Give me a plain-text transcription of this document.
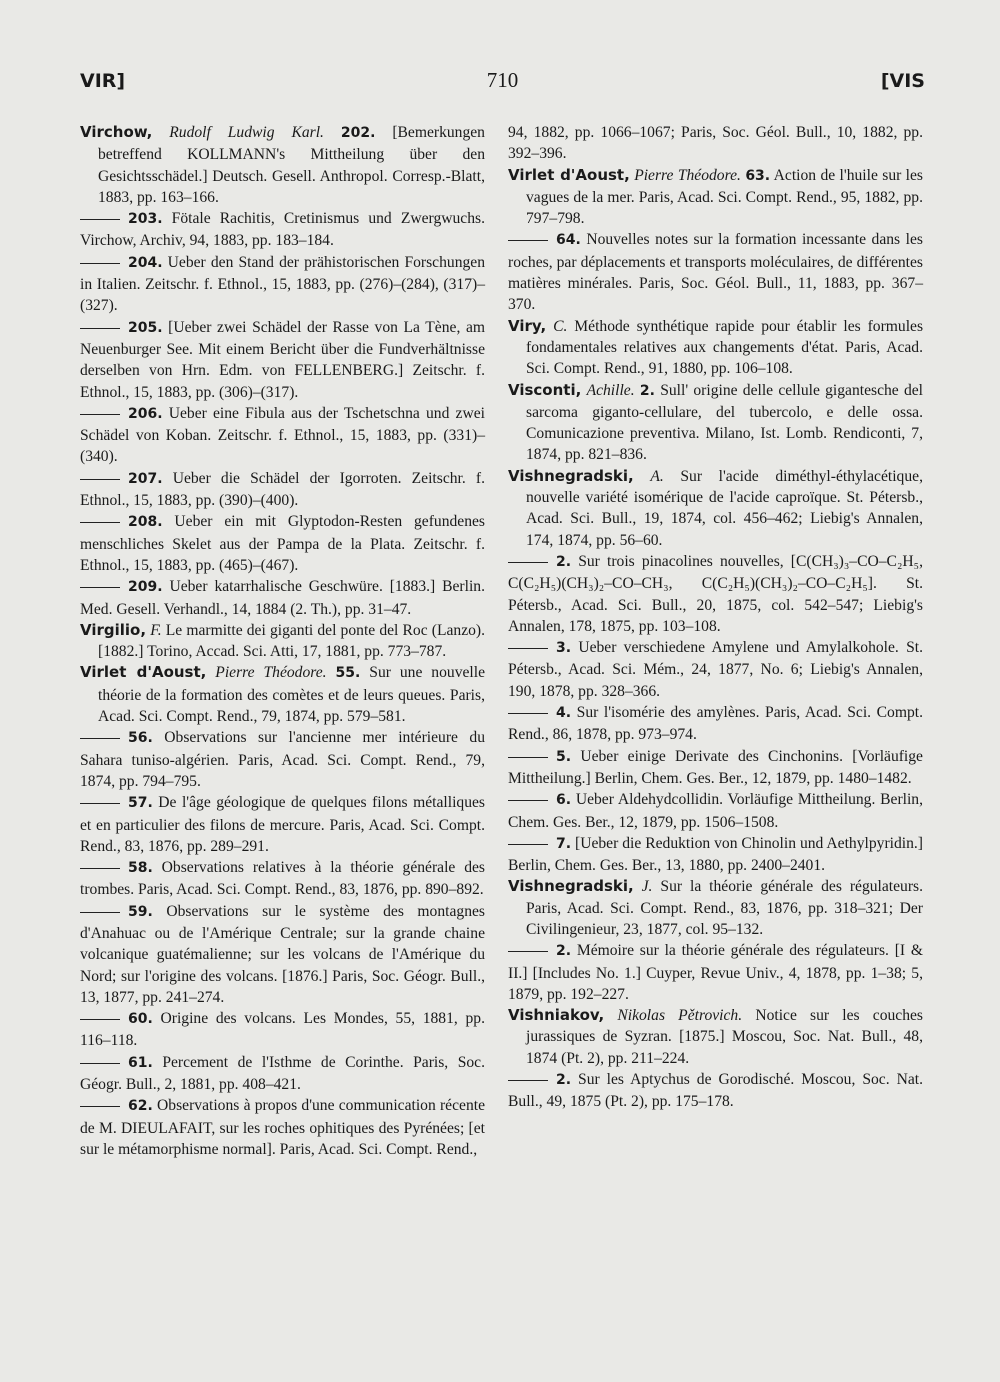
VIR]	710	[VIS

Virchow, Rudolf Ludwig Karl. 202. [Bemerkungen betreffend KOLLMANN's Mittheilung über den Gesichtsschädel.] Deutsch. Gesell. Anthropol. Corresp.-Blatt, 1883, pp. 163–166.

203. Fötale Rachitis, Cretinismus und Zwergwuchs. Virchow, Archiv, 94, 1883, pp. 183–184.

204. Ueber den Stand der prähistorischen Forschungen in Italien. Zeitschr. f. Ethnol., 15, 1883, pp. (276)–(284), (317)–(327).

205. [Ueber zwei Schädel der Rasse von La Tène, am Neuenburger See. Mit einem Bericht über die Fundverhältnisse derselben von Hrn. Edm. von FELLENBERG.] Zeitschr. f. Ethnol., 15, 1883, pp. (306)–(317).

206. Ueber eine Fibula aus der Tschetschna und zwei Schädel von Koban. Zeitschr. f. Ethnol., 15, 1883, pp. (331)–(340).

207. Ueber die Schädel der Igorroten. Zeitschr. f. Ethnol., 15, 1883, pp. (390)–(400).

208. Ueber ein mit Glyptodon-Resten gefundenes menschliches Skelet aus der Pampa de la Plata. Zeitschr. f. Ethnol., 15, 1883, pp. (465)–(467).

209. Ueber katarrhalische Geschwüre. [1883.] Berlin. Med. Gesell. Verhandl., 14, 1884 (2. Th.), pp. 31–47.

Virgilio, F. Le marmitte dei giganti del ponte del Roc (Lanzo). [1882.] Torino, Accad. Sci. Atti, 17, 1881, pp. 773–787.

Virlet d'Aoust, Pierre Théodore. 55. Sur une nouvelle théorie de la formation des comètes et de leurs queues. Paris, Acad. Sci. Compt. Rend., 79, 1874, pp. 579–581.

56. Observations sur l'ancienne mer intérieure du Sahara tuniso-algérien. Paris, Acad. Sci. Compt. Rend., 79, 1874, pp. 794–795.

57. De l'âge géologique de quelques filons métalliques et en particulier des filons de mercure. Paris, Acad. Sci. Compt. Rend., 83, 1876, pp. 289–291.

58. Observations relatives à la théorie générale des trombes. Paris, Acad. Sci. Compt. Rend., 83, 1876, pp. 890–892.

59. Observations sur le système des montagnes d'Anahuac ou de l'Amérique Centrale; sur la grande chaine volcanique guatémalienne; sur les volcans de l'Amérique du Nord; sur l'origine des volcans. [1876.] Paris, Soc. Géogr. Bull., 13, 1877, pp. 241–274.

60. Origine des volcans. Les Mondes, 55, 1881, pp. 116–118.

61. Percement de l'Isthme de Corinthe. Paris, Soc. Géogr. Bull., 2, 1881, pp. 408–421.

62. Observations à propos d'une communication récente de M. DIEULAFAIT, sur les roches ophitiques des Pyrénées; [et sur le métamorphisme normal]. Paris, Acad. Sci. Compt. Rend.,

94, 1882, pp. 1066–1067; Paris, Soc. Géol. Bull., 10, 1882, pp. 392–396.

Virlet d'Aoust, Pierre Théodore. 63. Action de l'huile sur les vagues de la mer. Paris, Acad. Sci. Compt. Rend., 95, 1882, pp. 797–798.

64. Nouvelles notes sur la formation incessante dans les roches, par déplacements et transports moléculaires, de différentes matières minérales. Paris, Soc. Géol. Bull., 11, 1883, pp. 367–370.

Viry, C. Méthode synthétique rapide pour établir les formules fondamentales relatives aux changements d'état. Paris, Acad. Sci. Compt. Rend., 91, 1880, pp. 106–108.

Visconti, Achille. 2. Sull' origine delle cellule gigantesche del sarcoma giganto-cellulare, del tubercolo, e delle ossa. Comunicazione preventiva. Milano, Ist. Lomb. Rendiconti, 7, 1874, pp. 821–836.

Vishnegradski, A. Sur l'acide diméthyl-éthylacétique, nouvelle variété isomérique de l'acide caproïque. St. Pétersb., Acad. Sci. Bull., 19, 1874, col. 456–462; Liebig's Annalen, 174, 1874, pp. 56–60.

2. Sur trois pinacolines nouvelles, [C(CH₃)₃–CO–C₂H₅, C(C₂H₅)(CH₃)₂–CO–CH₃, C(C₂H₅)(CH₃)₂–CO–C₂H₅]. St. Pétersb., Acad. Sci. Bull., 20, 1875, col. 542–547; Liebig's Annalen, 178, 1875, pp. 103–108.

3. Ueber verschiedene Amylene und Amylalkohole. St. Pétersb., Acad. Sci. Mém., 24, 1877, No. 6; Liebig's Annalen, 190, 1878, pp. 328–366.

4. Sur l'isomérie des amylènes. Paris, Acad. Sci. Compt. Rend., 86, 1878, pp. 973–974.

5. Ueber einige Derivate des Cinchonins. [Vorläufige Mittheilung.] Berlin, Chem. Ges. Ber., 12, 1879, pp. 1480–1482.

6. Ueber Aldehydcollidin. Vorläufige Mittheilung. Berlin, Chem. Ges. Ber., 12, 1879, pp. 1506–1508.

7. [Ueber die Reduktion von Chinolin und Aethylpyridin.] Berlin, Chem. Ges. Ber., 13, 1880, pp. 2400–2401.

Vishnegradski, J. Sur la théorie générale des régulateurs. Paris, Acad. Sci. Compt. Rend., 83, 1876, pp. 318–321; Der Civilingenieur, 23, 1877, col. 95–132.

2. Mémoire sur la théorie générale des régulateurs. [I & II.] [Includes No. 1.] Cuyper, Revue Univ., 4, 1878, pp. 1–38; 5, 1879, pp. 192–227.

Vishniakov, Nikolas Pětrovich. Notice sur les couches jurassiques de Syzran. [1875.] Moscou, Soc. Nat. Bull., 48, 1874 (Pt. 2), pp. 211–224.

2. Sur les Aptychus de Gorodisché. Moscou, Soc. Nat. Bull., 49, 1875 (Pt. 2), pp. 175–178.
